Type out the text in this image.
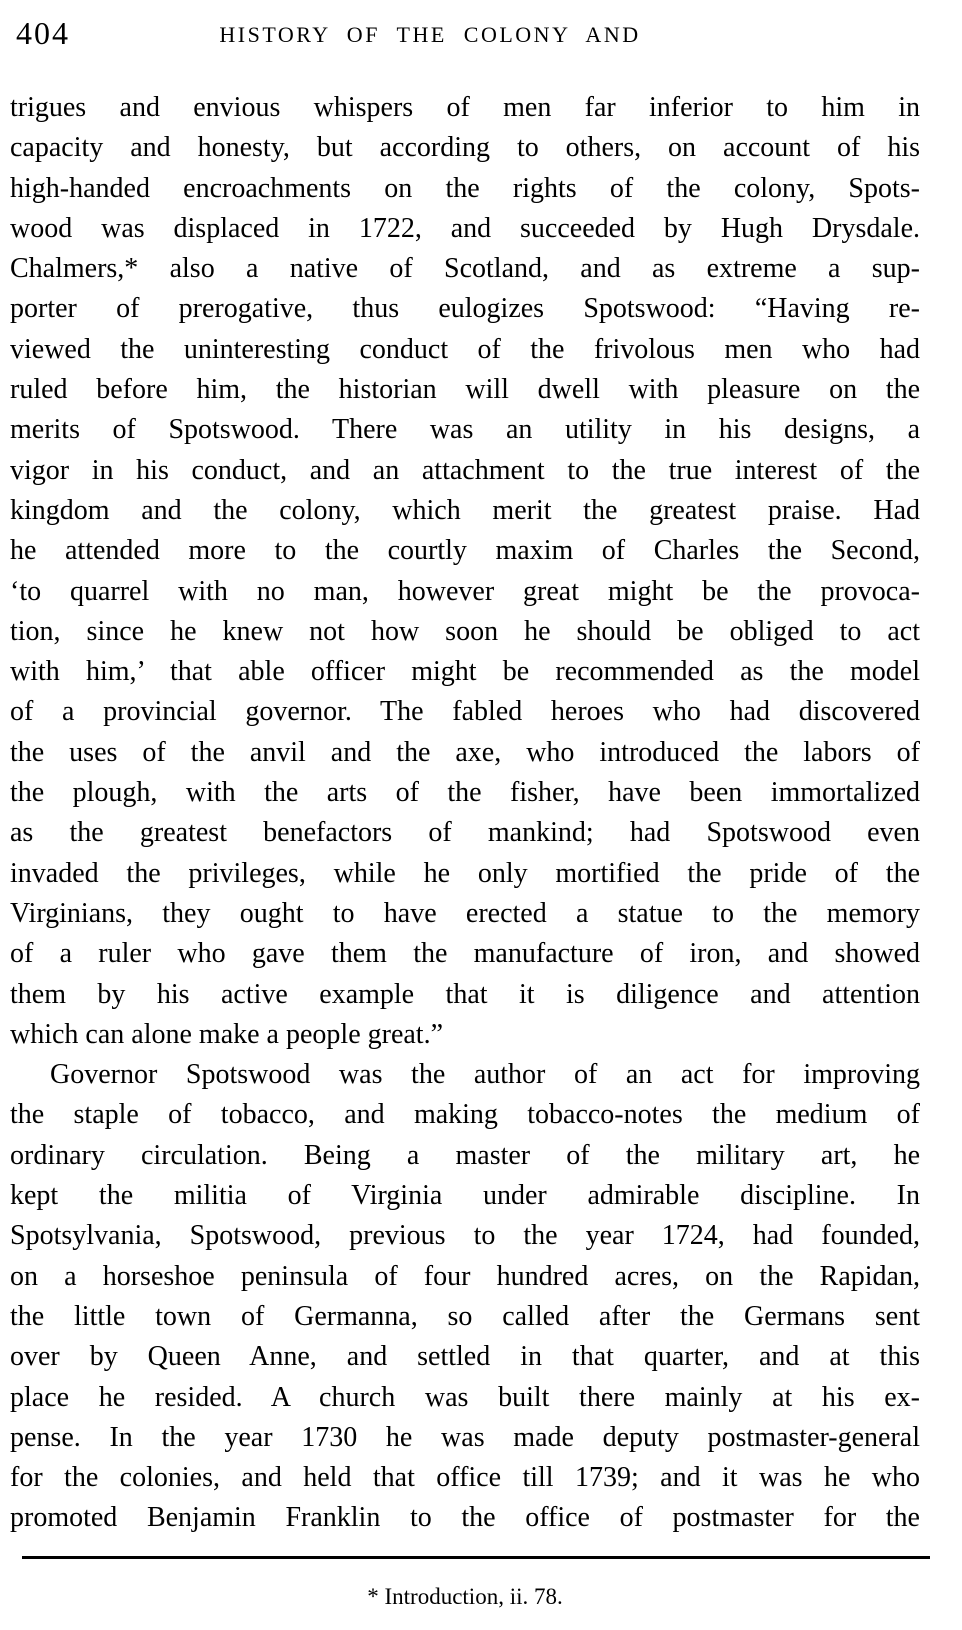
404	HISTORY OF THE COLONY AND
trigues and envious whispers of men far inferior to him in
capacity and honesty, but according to others, on account of his
high-handed encroachments on the rights of the colony, Spots-
wood was displaced in 1722, and succeeded by Hugh Drysdale.
Chalmers,* also a native of Scotland, and as extreme a sup-
porter of prerogative, thus eulogizes Spotswood: “Having re-
viewed the uninteresting conduct of the frivolous men who had
ruled before him, the historian will dwell with pleasure on the
merits of Spotswood. There was an utility in his designs, a
vigor in his conduct, and an attachment to the true interest of the
kingdom and the colony, which merit the greatest praise. Had
he attended more to the courtly maxim of Charles the Second,
‘to quarrel with no man, however great might be the provoca-
tion, since he knew not how soon he should be obliged to act
with him,’ that able officer might be recommended as the model
of a provincial governor. The fabled heroes who had discovered
the uses of the anvil and the axe, who introduced the labors of
the plough, with the arts of the fisher, have been immortalized
as the greatest benefactors of mankind; had Spotswood even
invaded the privileges, while he only mortified the pride of the
Virginians, they ought to have erected a statue to the memory
of a ruler who gave them the manufacture of iron, and showed
them by his active example that it is diligence and attention
which can alone make a people great.”
Governor Spotswood was the author of an act for improving
the staple of tobacco, and making tobacco-notes the medium of
ordinary circulation. Being a master of the military art, he
kept the militia of Virginia under admirable discipline. In
Spotsylvania, Spotswood, previous to the year 1724, had founded,
on a horseshoe peninsula of four hundred acres, on the Rapidan,
the little town of Germanna, so called after the Germans sent
over by Queen Anne, and settled in that quarter, and at this
place he resided. A church was built there mainly at his ex-
pense. In the year 1730 he was made deputy postmaster-general
for the colonies, and held that office till 1739; and it was he who
promoted Benjamin Franklin to the office of postmaster for the
* Introduction, ii. 78.
